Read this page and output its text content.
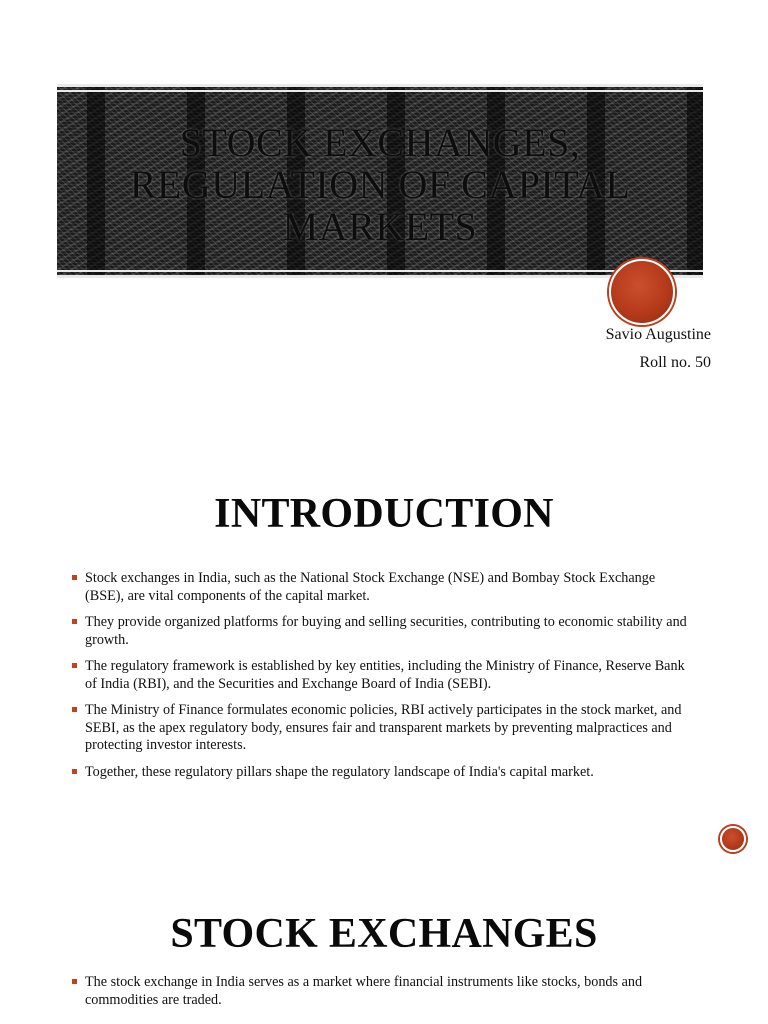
STOCK EXCHANGES, REGULATION OF CAPITAL MARKETS
Savio Augustine
Roll no. 50
INTRODUCTION
Stock exchanges in India, such as the National Stock Exchange (NSE) and Bombay Stock Exchange (BSE), are vital components of the capital market.
They provide organized platforms for buying and selling securities, contributing to economic stability and growth.
The regulatory framework is established by key entities, including the Ministry of Finance, Reserve Bank of India (RBI), and the Securities and Exchange Board of India (SEBI).
The Ministry of Finance formulates economic policies, RBI actively participates in the stock market, and SEBI, as the apex regulatory body, ensures fair and transparent markets by preventing malpractices and protecting investor interests.
Together, these regulatory pillars shape the regulatory landscape of India's capital market.
STOCK EXCHANGES
The stock exchange in India serves as a market where financial instruments like stocks, bonds and commodities are traded.
